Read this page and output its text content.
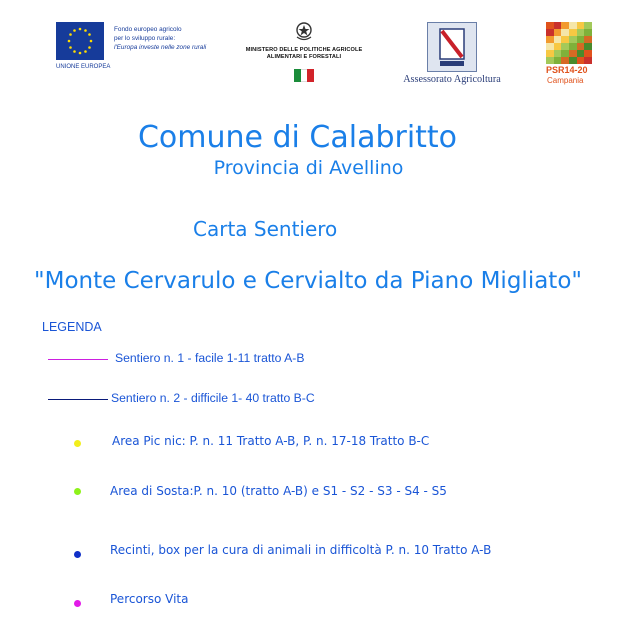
UNIONE EUROPEA
Fondo europeo agricolo
per lo sviluppo rurale:
l'Europa investe nelle zone rurali	MINISTERO DELLE POLITICHE AGRICOLE
ALIMENTARI E FORESTALI
Assessorato Agricoltura
PSR14-20
Campania
Comune di Calabritto
Provincia di Avellino
Carta Sentiero
"Monte Cervarulo e Cervialto da Piano Migliato"
LEGENDA
Sentiero n. 1 - facile 1-11 tratto A-B
Sentiero n. 2 - difficile 1- 40 tratto B-C
Area Pic nic: P. n. 11 Tratto A-B, P. n. 17-18 Tratto B-C
Area di Sosta:P. n. 10 (tratto A-B) e S1 - S2 - S3 - S4 - S5
Recinti, box per la cura di animali in difficoltà P. n. 10 Tratto A-B
Percorso Vita
